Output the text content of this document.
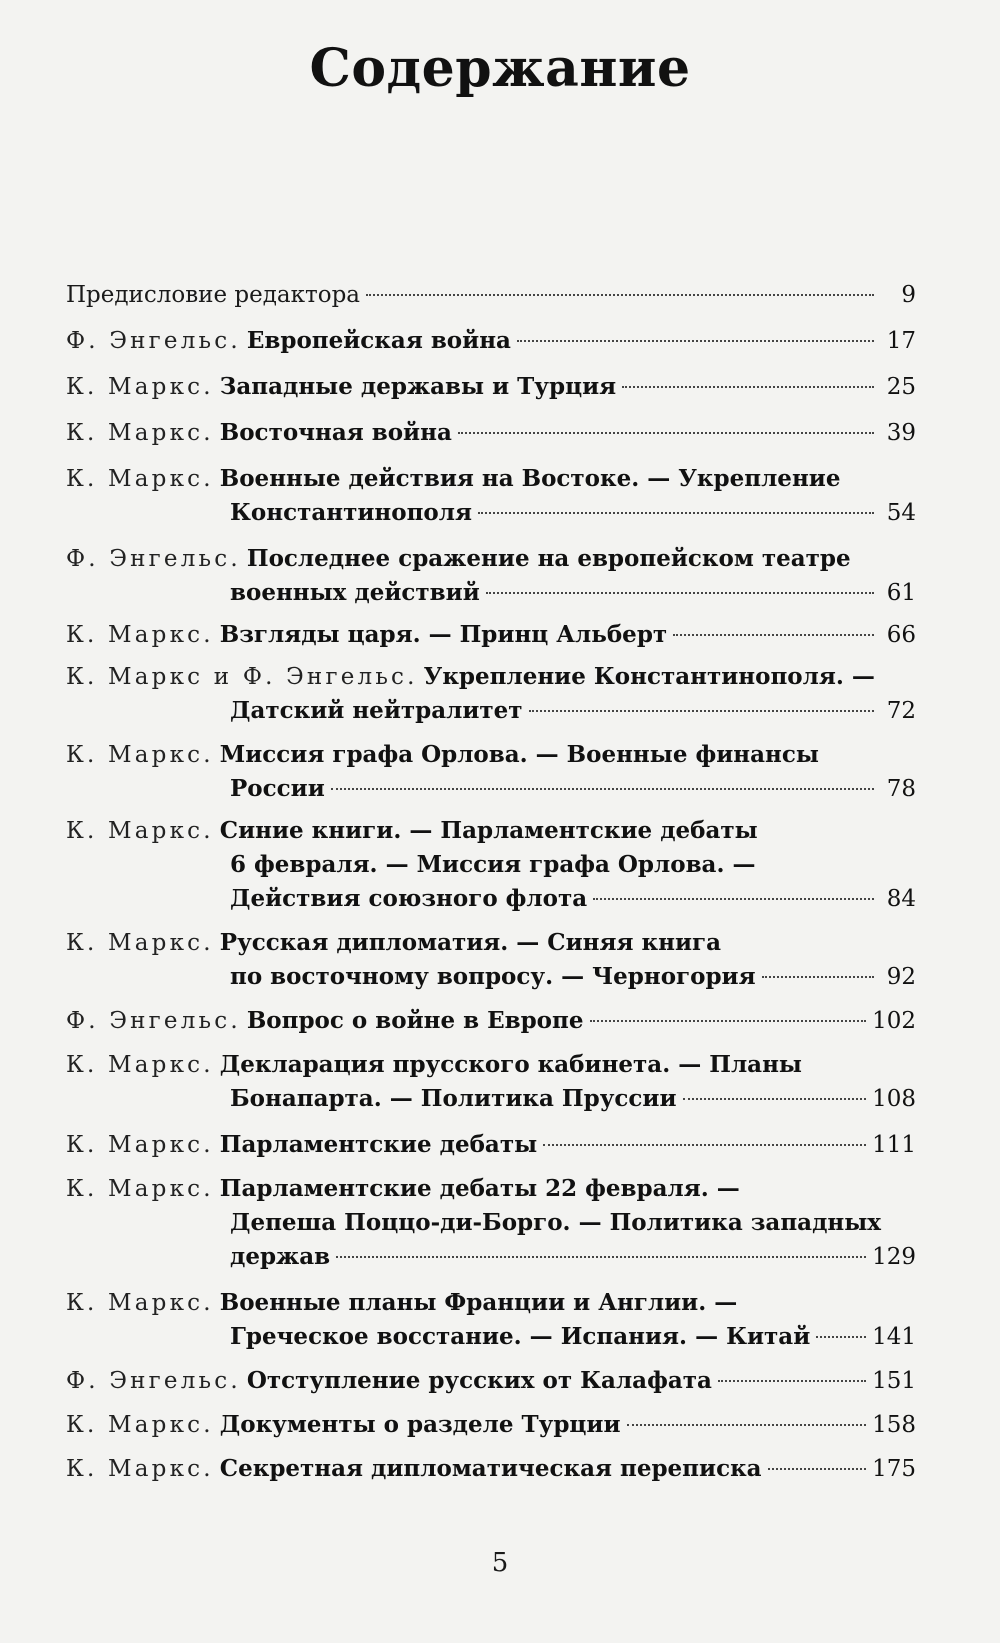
Содержание
Предисловие редактора	9
Ф. Энгельс. Европейская война	17
К. Маркс. Западные державы и Турция	25
К. Маркс. Восточная война	39
К. Маркс. Военные действия на Востоке. — Укрепление
Константинополя	54
Ф. Энгельс. Последнее сражение на европейском театре
военных действий	61
К. Маркс. Взгляды царя. — Принц Альберт	66
К. Маркс и Ф. Энгельс. Укрепление Константинополя. —
Датский нейтралитет	72
К. Маркс. Миссия графа Орлова. — Военные финансы
России	78
К. Маркс. Синие книги. — Парламентские дебаты
6 февраля. — Миссия графа Орлова. —
Действия союзного флота	84
К. Маркс. Русская дипломатия. — Синяя книга
по восточному вопросу. — Черногория	92
Ф. Энгельс. Вопрос о войне в Европе	102
К. Маркс. Декларация прусского кабинета. — Планы
Бонапарта. — Политика Пруссии	108
К. Маркс. Парламентские дебаты	111
К. Маркс. Парламентские дебаты 22 февраля. —
Депеша Поццо-ди-Борго. — Политика западных
держав	129
К. Маркс. Военные планы Франции и Англии. —
Греческое восстание. — Испания. — Китай	141
Ф. Энгельс. Отступление русских от Калафата	151
К. Маркс. Документы о разделе Турции	158
К. Маркс. Секретная дипломатическая переписка	175
5
